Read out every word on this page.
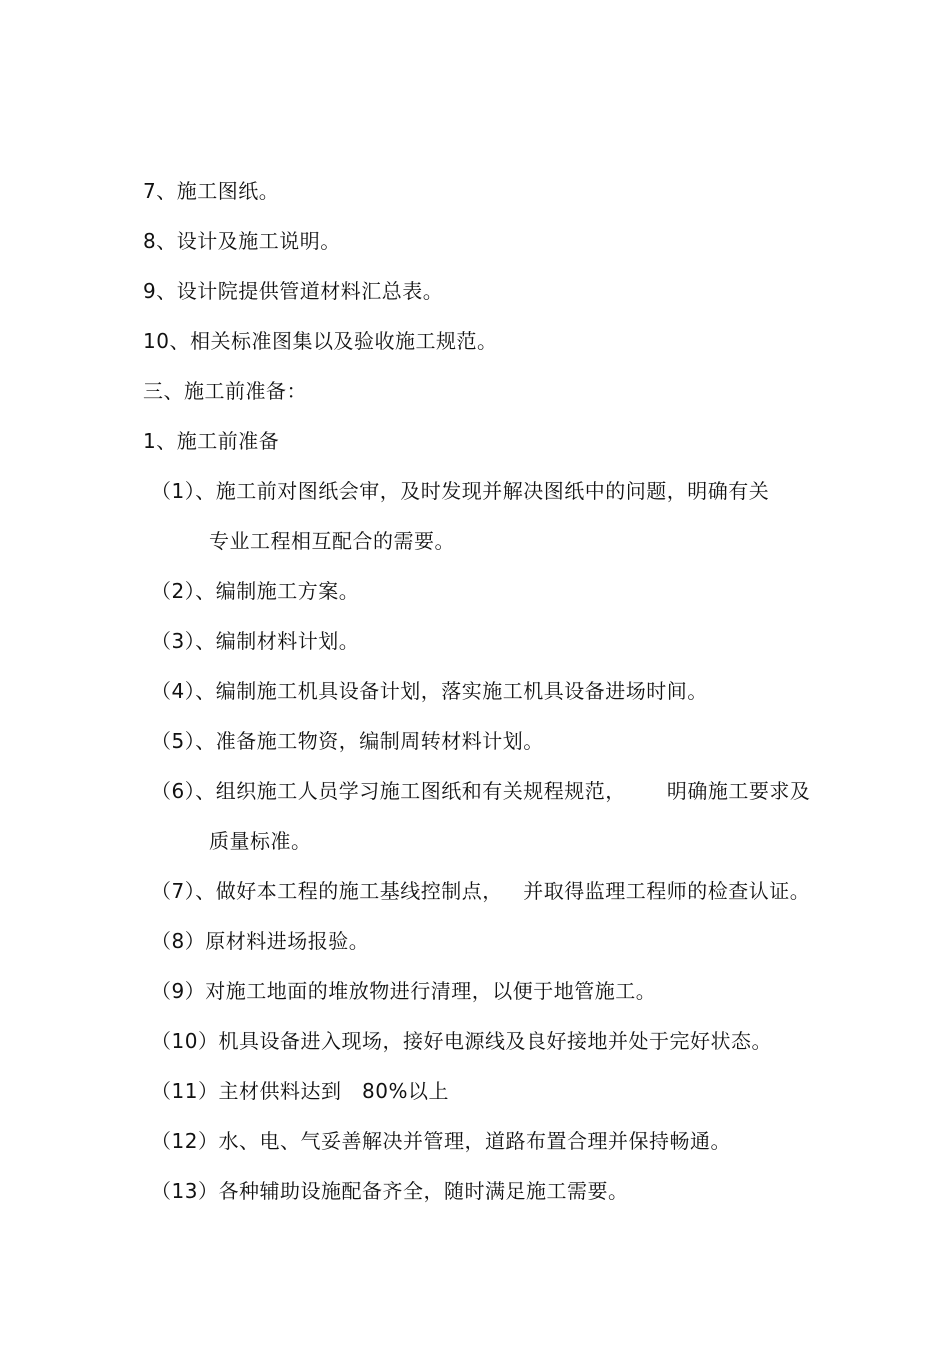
7、施工图纸。
8、设计及施工说明。
9、设计院提供管道材料汇总表。
10、相关标准图集以及验收施工规范。
三、施工前准备：
1、施工前准备
（1）、施工前对图纸会审，及时发现并解决图纸中的问题，明确有关
专业工程相互配合的需要。
（2）、编制施工方案。
（3）、编制材料计划。
（4）、编制施工机具设备计划，落实施工机具设备进场时间。
（5）、准备施工物资，编制周转材料计划。
（6）、组织施工人员学习施工图纸和有关规程规范，      明确施工要求及
质量标准。
（7）、做好本工程的施工基线控制点，   并取得监理工程师的检查认证。
（8）原材料进场报验。
（9）对施工地面的堆放物进行清理，以便于地管施工。
（10）机具设备进入现场，接好电源线及良好接地并处于完好状态。
（11）主材供料达到   80%以上
（12）水、电、气妥善解决并管理，道路布置合理并保持畅通。
（13）各种辅助设施配备齐全，随时满足施工需要。
